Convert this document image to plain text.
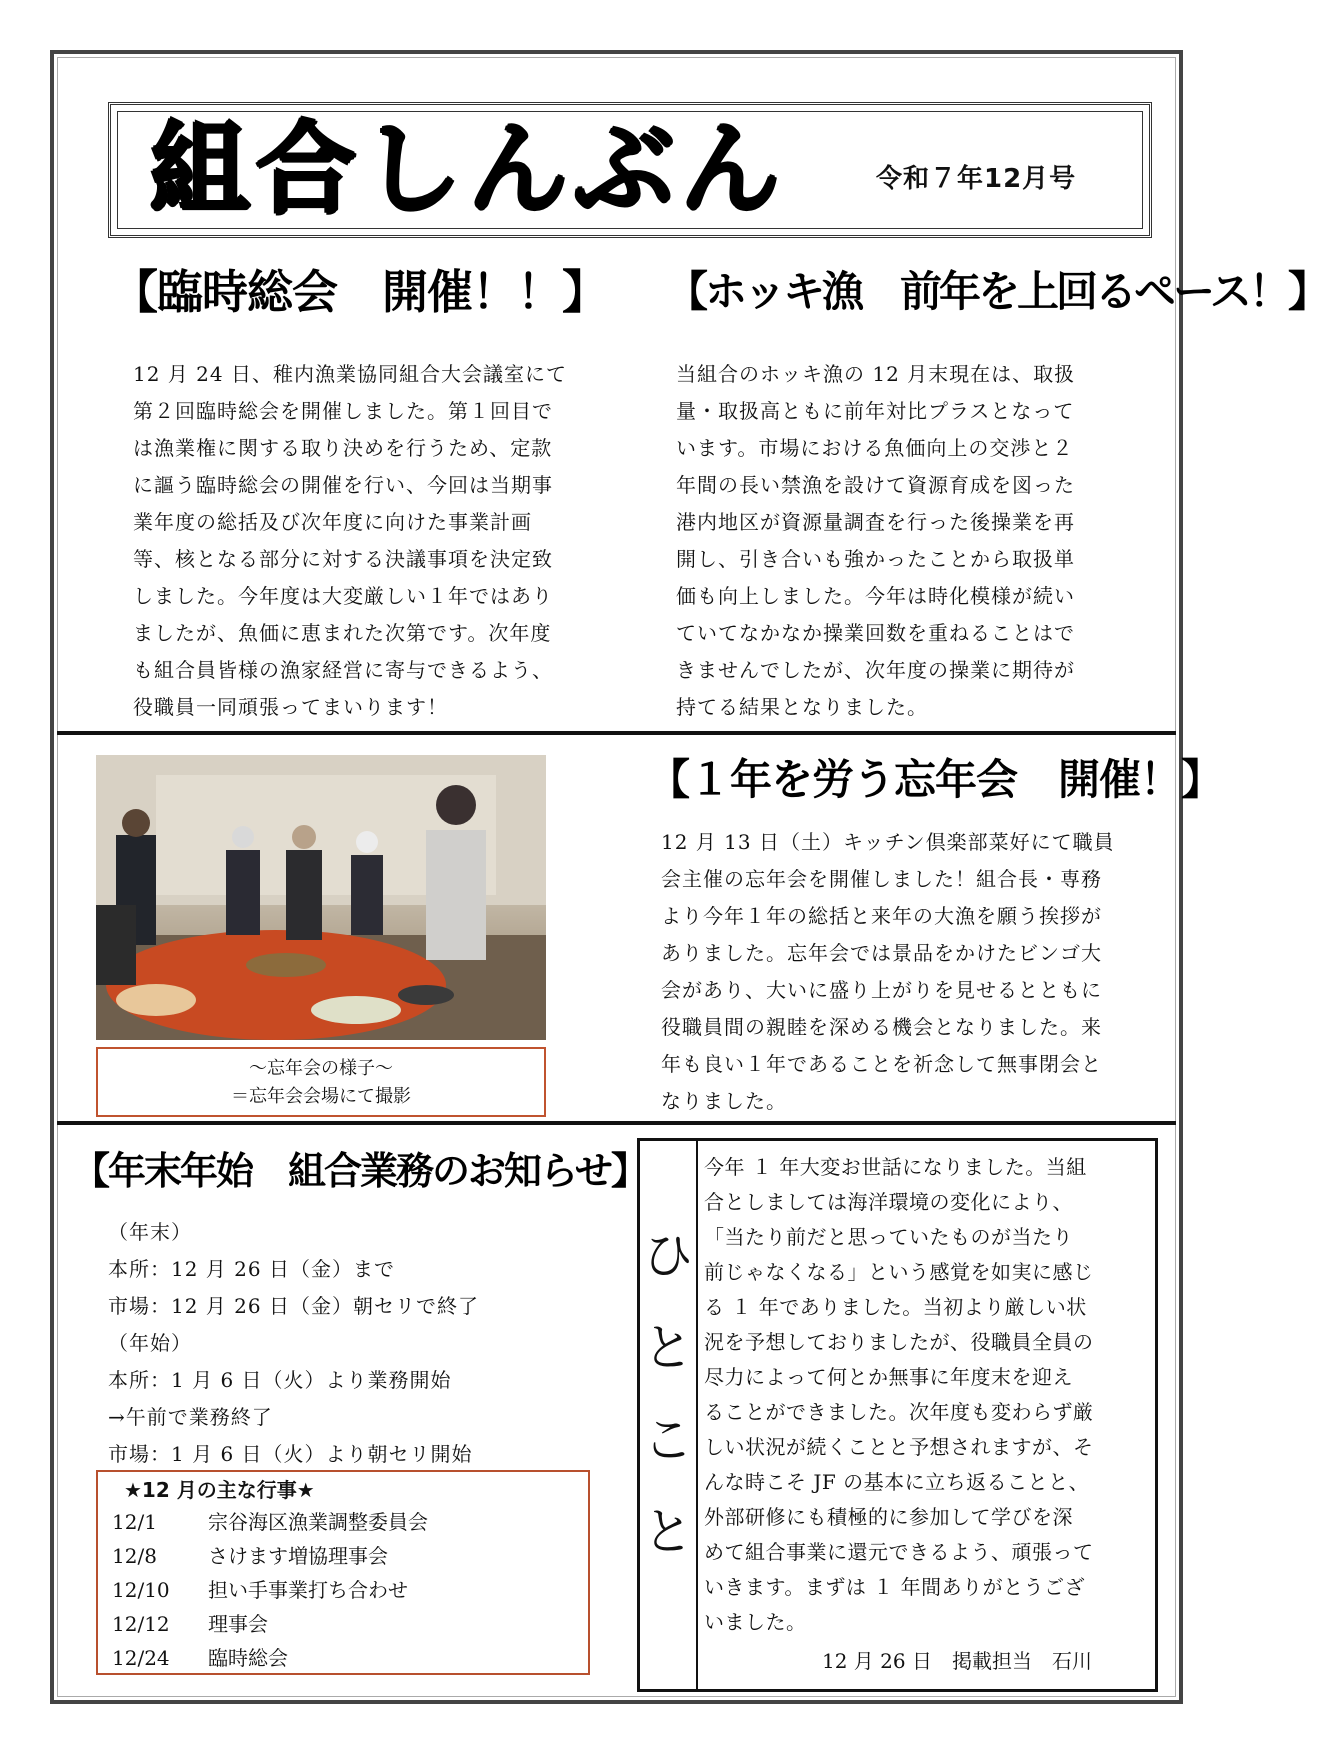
組合しんぶん	令和７年12月号
【臨時総会　開催！！】
12 月 24 日、稚内漁業協同組合大会議室にて
第２回臨時総会を開催しました。第１回目で
は漁業権に関する取り決めを行うため、定款
に謳う臨時総会の開催を行い、今回は当期事
業年度の総括及び次年度に向けた事業計画
等、核となる部分に対する決議事項を決定致
しました。今年度は大変厳しい１年ではあり
ましたが、魚価に恵まれた次第です。次年度
も組合員皆様の漁家経営に寄与できるよう、
役職員一同頑張ってまいります！
【ホッキ漁　前年を上回るペース！】
当組合のホッキ漁の 12 月末現在は、取扱
量・取扱高ともに前年対比プラスとなって
います。市場における魚価向上の交渉と２
年間の長い禁漁を設けて資源育成を図った
港内地区が資源量調査を行った後操業を再
開し、引き合いも強かったことから取扱単
価も向上しました。今年は時化模様が続い
ていてなかなか操業回数を重ねることはで
きませんでしたが、次年度の操業に期待が
持てる結果となりました。
～忘年会の様子～
＝忘年会会場にて撮影
【１年を労う忘年会　開催！】
12 月 13 日（土）キッチン倶楽部菜好にて職員
会主催の忘年会を開催しました！組合長・専務
より今年１年の総括と来年の大漁を願う挨拶が
ありました。忘年会では景品をかけたビンゴ大
会があり、大いに盛り上がりを見せるとともに
役職員間の親睦を深める機会となりました。来
年も良い１年であることを祈念して無事閉会と
なりました。
【年末年始　組合業務のお知らせ】
（年末）
本所：12 月 26 日（金）まで
市場：12 月 26 日（金）朝セリで終了
（年始）
本所：1 月 6 日（火）より業務開始
→午前で業務終了
市場：1 月 6 日（火）より朝セリ開始
★12 月の主な行事★
12/1	宗谷海区漁業調整委員会
12/8	さけます増協理事会
12/10 担い手事業打ち合わせ
12/12 理事会
12/24 臨時総会
ひ
と
こ
と
今年 １ 年大変お世話になりました。当組
合としましては海洋環境の変化により、
「当たり前だと思っていたものが当たり
前じゃなくなる」という感覚を如実に感じ
る １ 年でありました。当初より厳しい状
況を予想しておりましたが、役職員全員の
尽力によって何とか無事に年度末を迎え
ることができました。次年度も変わらず厳
しい状況が続くことと予想されますが、そ
んな時こそ JF の基本に立ち返ることと、
外部研修にも積極的に参加して学びを深
めて組合事業に還元できるよう、頑張って
いきます。まずは １ 年間ありがとうござ
いました。
12 月 26 日　掲載担当　石川
